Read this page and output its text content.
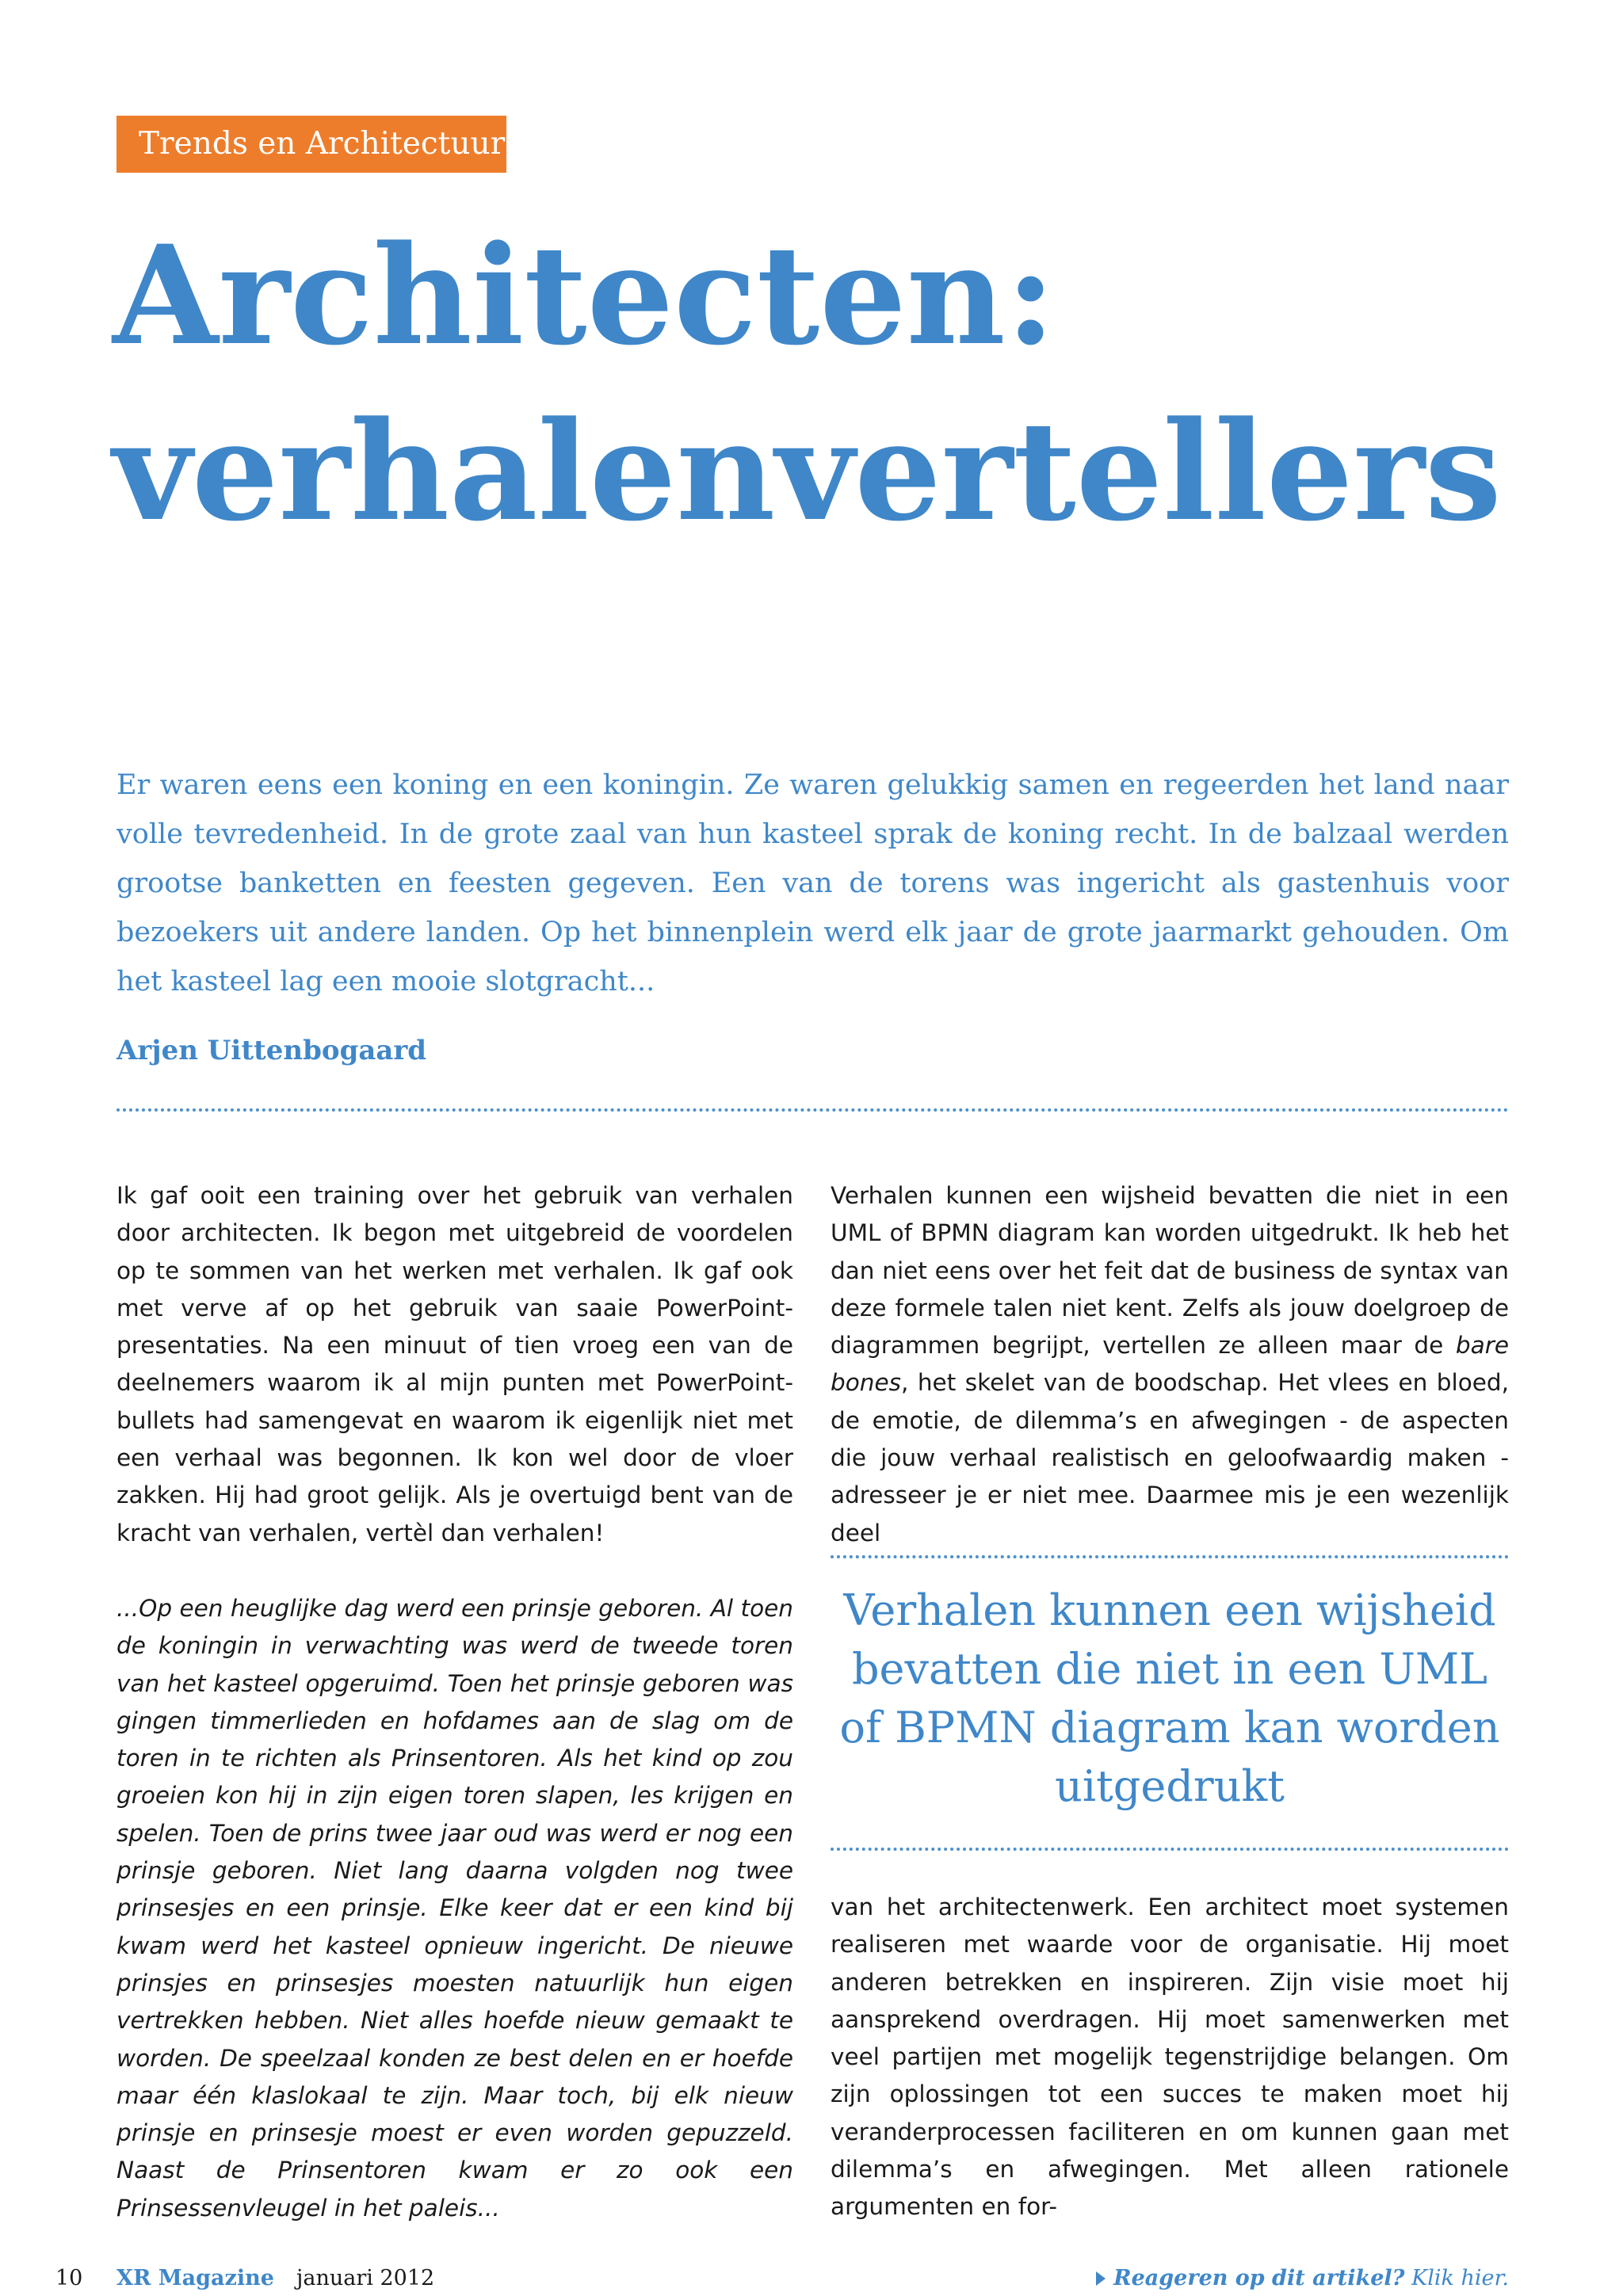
Trends en Architectuur
Architecten:
verhalenvertellers

Er waren eens een koning en een koningin. Ze waren gelukkig samen en regeerden het land naar volle tevredenheid. In de grote zaal van hun kasteel sprak de koning recht. In de balzaal werden grootse banketten en feesten gegeven. Een van de torens was ingericht als gastenhuis voor bezoekers uit andere landen. Op het binnenplein werd elk jaar de grote jaarmarkt gehouden. Om het kasteel lag een mooie slotgracht...

Arjen Uittenbogaard

Ik gaf ooit een training over het gebruik van verhalen door architecten. Ik begon met uitgebreid de voordelen op te sommen van het werken met verhalen. Ik gaf ook met verve af op het gebruik van saaie PowerPoint-presentaties. Na een minuut of tien vroeg een van de deelnemers waarom ik al mijn punten met PowerPoint-bullets had samengevat en waarom ik eigenlijk niet met een verhaal was begonnen. Ik kon wel door de vloer zakken. Hij had groot gelijk. Als je overtuigd bent van de kracht van verhalen, vertèl dan verhalen!

...Op een heuglijke dag werd een prinsje geboren. Al toen de koningin in verwachting was werd de tweede toren van het kasteel opgeruimd. Toen het prinsje geboren was gingen timmerlieden en hofdames aan de slag om de toren in te richten als Prinsentoren. Als het kind op zou groeien kon hij in zijn eigen toren slapen, les krijgen en spelen. Toen de prins twee jaar oud was werd er nog een prinsje geboren. Niet lang daarna volgden nog twee prinsesjes en een prinsje. Elke keer dat er een kind bij kwam werd het kasteel opnieuw ingericht. De nieuwe prinsjes en prinsesjes moesten natuurlijk hun eigen vertrekken hebben. Niet alles hoefde nieuw gemaakt te worden. De speelzaal konden ze best delen en er hoefde maar één klaslokaal te zijn. Maar toch, bij elk nieuw prinsje en prinsesje moest er even worden gepuzzeld. Naast de Prinsentoren kwam er zo ook een Prinsessenvleugel in het paleis...

Verhalen kunnen een wijsheid bevatten die niet in een UML of BPMN diagram kan worden uitgedrukt. Ik heb het dan niet eens over het feit dat de business de syntax van deze formele talen niet kent. Zelfs als jouw doelgroep de diagrammen begrijpt, vertellen ze alleen maar de bare bones, het skelet van de boodschap. Het vlees en bloed, de emotie, de dilemma’s en afwegingen - de aspecten die jouw verhaal realistisch en geloofwaardig maken - adresseer je er niet mee. Daarmee mis je een wezenlijk deel

Verhalen kunnen een wijsheid bevatten die niet in een UML of BPMN diagram kan worden uitgedrukt

van het architectenwerk. Een architect moet systemen realiseren met waarde voor de organisatie. Hij moet anderen betrekken en inspireren. Zijn visie moet hij aansprekend overdragen. Hij moet samenwerken met veel partijen met mogelijk tegenstrijdige belangen. Om zijn oplossingen tot een succes te maken moet hij veranderprocessen faciliteren en om kunnen gaan met dilemma’s en afwegingen. Met alleen rationele argumenten en for-

10 XR Magazine januari 2012	Reageren op dit artikel? Klik hier.
